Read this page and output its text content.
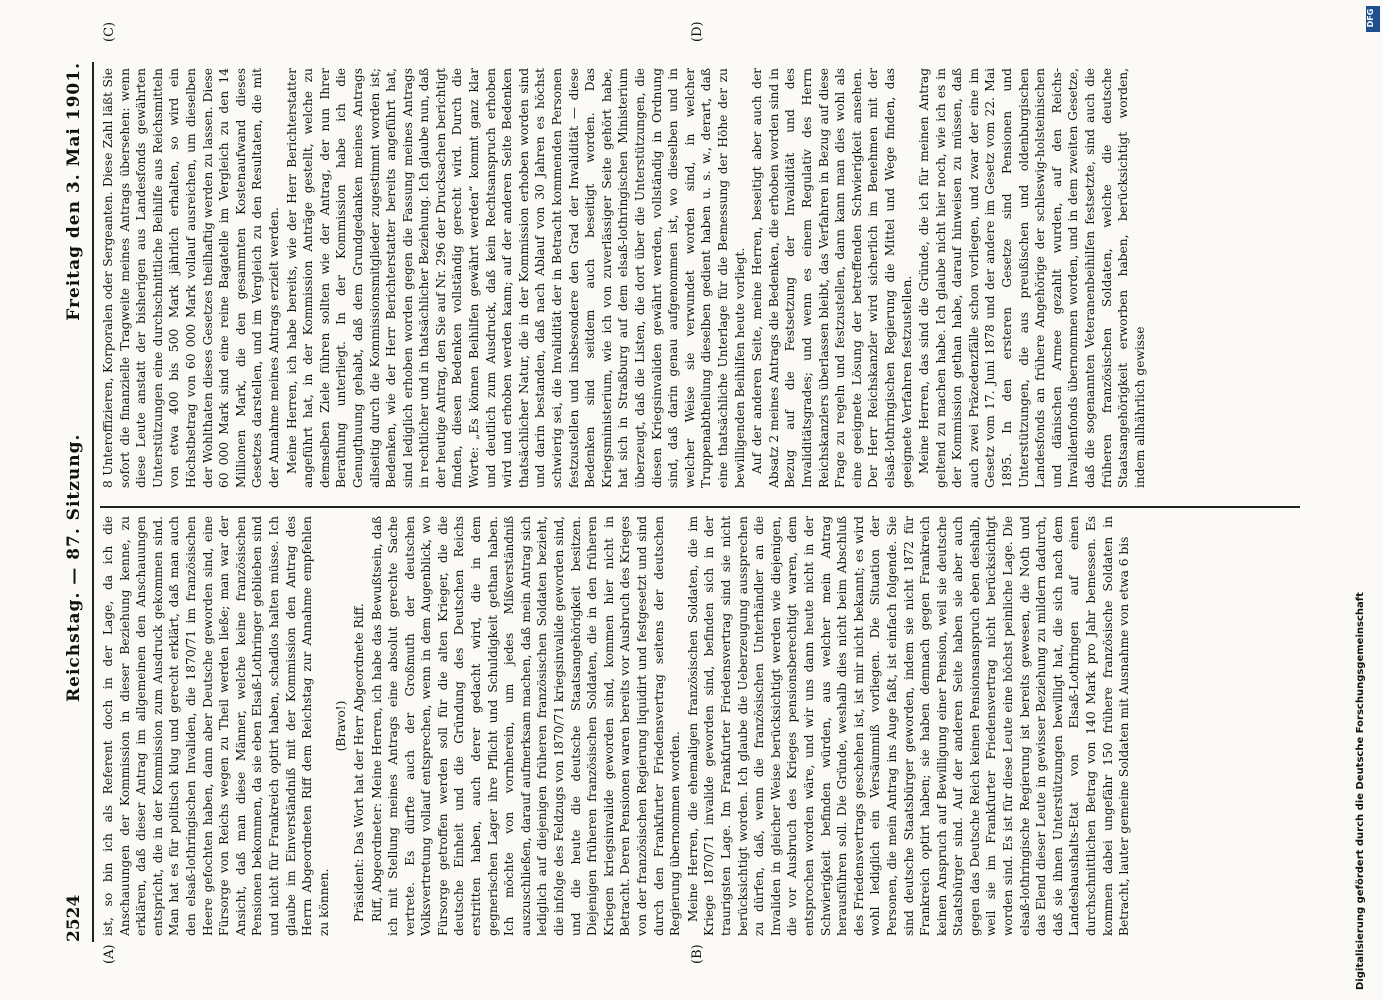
2524
Reichstag. — 87. Sitzung.
Freitag den 3. Mai 1901.
(A)	(B)
(C)	(D)

ist, so bin ich als Referent doch in der Lage, da ich die Anschauungen der Kommission in dieser Beziehung kenne, zu erklären, daß dieser Antrag im allgemeinen den Anschauungen entspricht, die in der Kommission zum Ausdruck gekommen sind. Man hat es für politisch klug und gerecht erklärt, daß man auch den elsaß-lothringischen Invaliden, die 1870/71 im französischen Heere gefochten haben, dann aber Deutsche geworden sind, eine Fürsorge von Reichs wegen zu Theil werden ließe; man war der Ansicht, daß man diese Männer, welche keine französischen Pensionen bekommen, da sie eben Elsaß-Lothringer geblieben sind und nicht für Frankreich optirt haben, schadlos halten müsse. Ich glaube im Einverständniß mit der Kommission den Antrag des Herrn Abgeordneten Riff dem Reichstag zur Annahme empfehlen zu können.

(Bravo!) Präsident: Das Wort hat der Herr Abgeordnete Riff. Riff, Abgeordneter: Meine Herren, ich habe das Bewußtsein, daß ich mit Stellung meines Antrags eine absolut gerechte Sache vertrete. Es dürfte auch der Großmuth der deutschen Volksvertretung vollauf entsprechen, wenn in dem Augenblick, wo Fürsorge getroffen werden soll für die alten Krieger, die die deutsche Einheit und die Gründung des Deutschen Reichs erstritten haben, auch derer gedacht wird, die in dem gegnerischen Lager ihre Pflicht und Schuldigkeit gethan haben. Ich möchte von vornherein, um jedes Mißverständniß auszuschließen, darauf aufmerksam machen, daß mein Antrag sich lediglich auf diejenigen früheren französischen Soldaten bezieht, die infolge des Feldzugs von 1870/71 kriegsinvalide geworden sind, und die heute die deutsche Staatsangehörigkeit besitzen. Diejenigen früheren französischen Soldaten, die in den früheren Kriegen kriegsinvalide geworden sind, kommen hier nicht in Betracht. Deren Pensionen waren bereits vor Ausbruch des Krieges von der französischen Regierung liquidirt und festgesetzt und sind durch den Frankfurter Friedensvertrag seitens der deutschen Regierung übernommen worden. Meine Herren, die ehemaligen französischen Soldaten, die im Kriege 1870/71 invalide geworden sind, befinden sich in der traurigsten Lage. Im Frankfurter Friedensvertrag sind sie nicht berücksichtigt worden. Ich glaube die Ueberzeugung aussprechen zu dürfen, daß, wenn die französischen Unterhändler an die Invaliden in gleicher Weise berücksichtigt werden wie diejenigen, die vor Ausbruch des Krieges pensionsberechtigt waren, dem entsprochen worden wäre, und wir uns dann heute nicht in der Schwierigkeit befinden würden, aus welcher mein Antrag herausführen soll. Die Gründe, weshalb dies nicht beim Abschluß des Friedensvertrags geschehen ist, ist mir nicht bekannt; es wird wohl lediglich ein Versäumniß vorliegen. Die Situation der Personen, die mein Antrag ins Auge faßt, ist einfach folgende. Sie sind deutsche Staatsbürger geworden, indem sie nicht 1872 für Frankreich optirt haben; sie haben demnach gegen Frankreich keinen Anspruch auf Bewilligung einer Pension, weil sie deutsche Staatsbürger sind. Auf der anderen Seite haben sie aber auch gegen das Deutsche Reich keinen Pensionsanspruch eben deshalb, weil sie im Frankfurter Friedensvertrag nicht berücksichtigt worden sind. Es ist für diese Leute eine höchst peinliche Lage. Die elsaß-lothringische Regierung ist bereits gewesen, die Noth und das Elend dieser Leute in gewisser Beziehung zu mildern dadurch, daß sie ihnen Unterstützungen bewilligt hat, die sich nach dem Landeshaushalts-Etat von Elsaß-Lothringen auf einen durchschnittlichen Betrag von 140 Mark pro Jahr bemessen. Es kommen dabei ungefähr 150 frühere französische Soldaten in Betracht, lauter gemeine Soldaten mit Ausnahme von etwa 6 bis

8 Unteroffizieren, Korporalen oder Sergeanten. Diese Zahl läßt Sie sofort die finanzielle Tragweite meines Antrags übersehen: wenn diese Leute anstatt der bisherigen aus Landesfonds gewährten Unterstützungen eine durchschnittliche Beihilfe aus Reichsmitteln von etwa 400 bis 500 Mark jährlich erhalten, so wird ein Höchstbetrag von 60 000 Mark vollauf ausreichen, um dieselben der Wohlthaten dieses Gesetzes theilhaftig werden zu lassen. Diese 60 000 Mark sind eine reine Bagatelle im Vergleich zu den 14 Millionen Mark, die den gesammten Kostenaufwand dieses Gesetzes darstellen, und im Vergleich zu den Resultaten, die mit der Annahme meines Antrags erzielt werden. Meine Herren, ich habe bereits, wie der Herr Berichterstatter angeführt hat, in der Kommission Anträge gestellt, welche zu demselben Ziele führen sollten wie der Antrag, der nun Ihrer Berathung unterliegt. In der Kommission habe ich die Genugthuung gehabt, daß dem Grundgedanken meines Antrags allseitig durch die Kommissionsmitglieder zugestimmt worden ist; Bedenken, wie der Herr Berichterstatter bereits angeführt hat, sind lediglich erhoben worden gegen die Fassung meines Antrags in rechtlicher und in thatsächlicher Beziehung. Ich glaube nun, daß der heutige Antrag, den Sie auf Nr. 296 der Drucksachen berichtigt finden, diesen Bedenken vollständig gerecht wird. Durch die Worte: „Es können Beihilfen gewährt werden“ kommt ganz klar und deutlich zum Ausdruck, daß kein Rechtsanspruch erhoben wird und erhoben werden kann; auf der anderen Seite Bedenken thatsächlicher Natur, die in der Kommission erhoben worden sind und darin bestanden, daß nach Ablauf von 30 Jahren es höchst schwierig sei, die Invalidität der in Betracht kommenden Personen festzustellen und insbesondere den Grad der Invalidität — diese Bedenken sind seitdem auch beseitigt worden. Das Kriegsministerium, wie ich von zuverlässiger Seite gehört habe, hat sich in Straßburg auf dem elsaß-lothringischen Ministerium überzeugt, daß die Listen, die dort über die Unterstützungen, die diesen Kriegsinvaliden gewährt werden, vollständig in Ordnung sind, daß darin genau aufgenommen ist, wo dieselben und in welcher Weise sie verwundet worden sind, in welcher Truppenabtheilung dieselben gedient haben u. s. w., derart, daß eine thatsächliche Unterlage für die Bemessung der Höhe der zu bewilligenden Beihilfen heute vorliegt. Auf der anderen Seite, meine Herren, beseitigt aber auch der Absatz 2 meines Antrags die Bedenken, die erhoben worden sind in Bezug auf die Festsetzung der Invalidität und des Invaliditätsgrades; und wenn es einem Regulativ des Herrn Reichskanzlers überlassen bleibt, das Verfahren in Bezug auf diese Frage zu regeln und festzustellen, dann kann man dies wohl als eine geeignete Lösung der betreffenden Schwierigkeit ansehen. Der Herr Reichskanzler wird sicherlich im Benehmen mit der elsaß-lothringischen Regierung die Mittel und Wege finden, das geeignete Verfahren festzustellen. Meine Herren, das sind die Gründe, die ich für meinen Antrag geltend zu machen habe. Ich glaube nicht hier noch, wie ich es in der Kommission gethan habe, darauf hinweisen zu müssen, daß auch zwei Präzedenzfälle schon vorliegen, und zwar der eine im Gesetz vom 17. Juni 1878 und der andere im Gesetz vom 22. Mai 1895. In den ersteren Gesetze sind Pensionen und Unterstützungen, die aus preußischen und oldenburgischen Landesfonds an frühere Angehörige der schleswig-holsteinischen und dänischen Armee gezahlt wurden, auf den Reichs-Invalidenfonds übernommen worden, und in dem zweiten Gesetze, daß die sogenannten Veteranenbeihilfen festsetzte, sind auch die früheren französischen Soldaten, welche die deutsche Staatsangehörigkeit erworben haben, berücksichtigt worden, indem allhährlich gewisse

Digitalisierung gefördert durch die Deutsche Forschungsgemeinschaft
DFG
